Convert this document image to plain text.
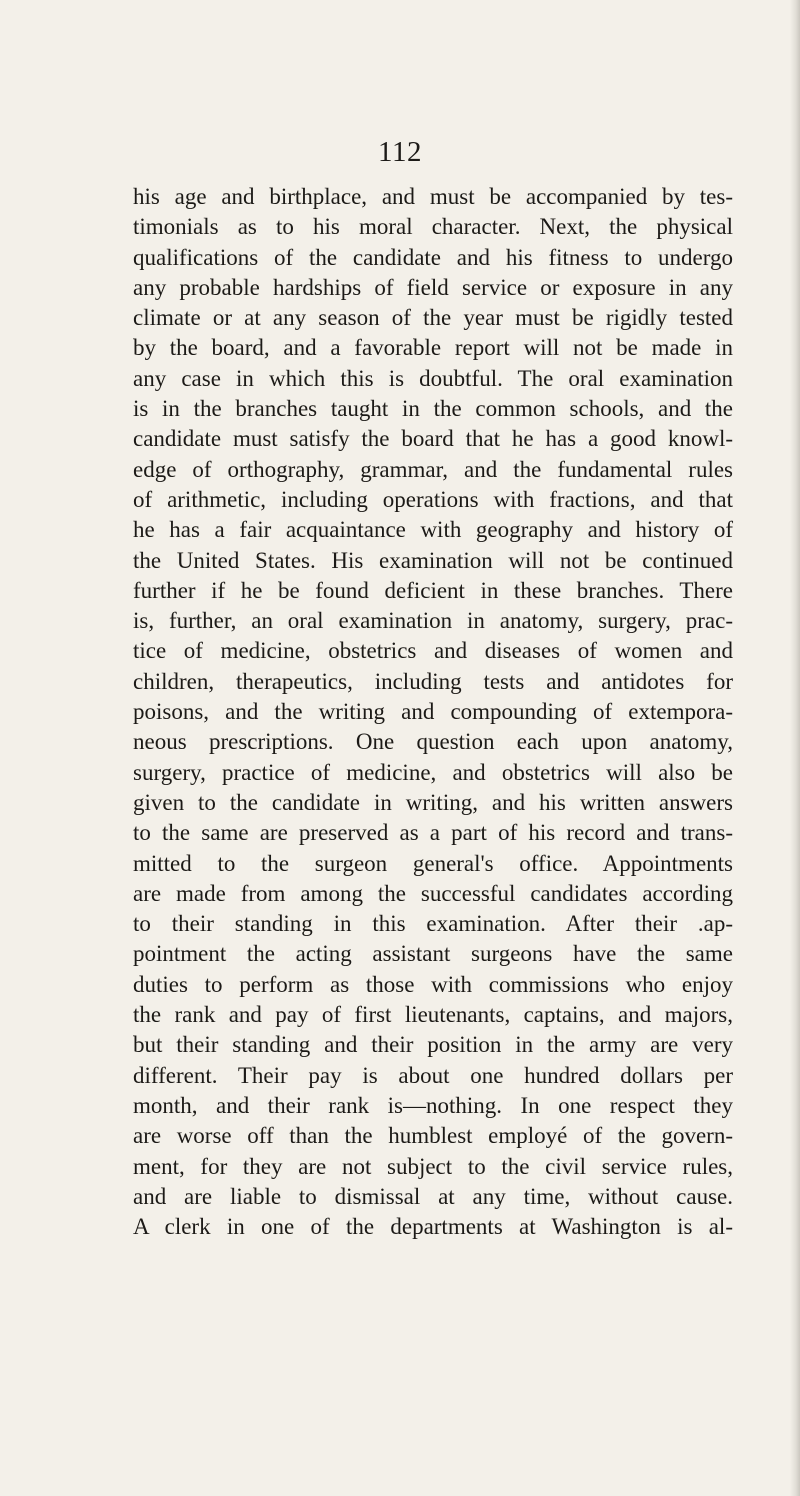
112
his age and birthplace, and must be accompanied by tes-
timonials as to his moral character. Next, the physical
qualifications of the candidate and his fitness to undergo
any probable hardships of field service or exposure in any
climate or at any season of the year must be rigidly tested
by the board, and a favorable report will not be made in
any case in which this is doubtful. The oral examination
is in the branches taught in the common schools, and the
candidate must satisfy the board that he has a good knowl-
edge of orthography, grammar, and the fundamental rules
of arithmetic, including operations with fractions, and that
he has a fair acquaintance with geography and history of
the United States. His examination will not be continued
further if he be found deficient in these branches. There
is, further, an oral examination in anatomy, surgery, prac-
tice of medicine, obstetrics and diseases of women and
children, therapeutics, including tests and antidotes for
poisons, and the writing and compounding of extempora-
neous prescriptions. One question each upon anatomy,
surgery, practice of medicine, and obstetrics will also be
given to the candidate in writing, and his written answers
to the same are preserved as a part of his record and trans-
mitted to the surgeon general's office. Appointments
are made from among the successful candidates according
to their standing in this examination. After their .ap-
pointment the acting assistant surgeons have the same
duties to perform as those with commissions who enjoy
the rank and pay of first lieutenants, captains, and majors,
but their standing and their position in the army are very
different. Their pay is about one hundred dollars per
month, and their rank is—nothing. In one respect they
are worse off than the humblest employé of the govern-
ment, for they are not subject to the civil service rules,
and are liable to dismissal at any time, without cause.
A clerk in one of the departments at Washington is al-
